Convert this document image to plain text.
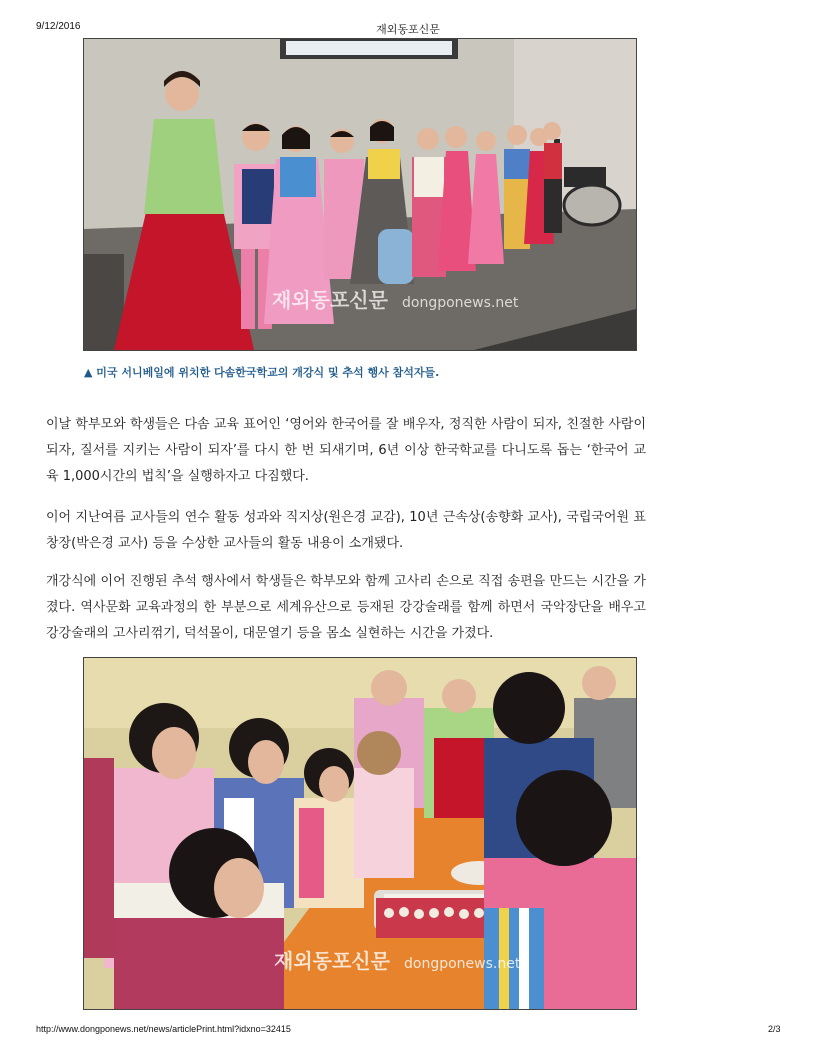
9/12/2016	재외동포신문
재외동포신문 dongponews.net
▲ 미국 서니베일에 위치한 다솜한국학교의 개강식 및 추석 행사 참석자들.

이날 학부모와 학생들은 다솜 교육 표어인 ‘영어와 한국어를 잘 배우자, 정직한 사람이 되자, 친절한 사람이 되자, 질서를 지키는 사람이 되자’를 다시 한 번 되새기며, 6년 이상 한국학교를 다니도록 돕는 ‘한국어 교육 1,000시간의 법칙’을 실행하자고 다짐했다.

이어 지난여름 교사들의 연수 활동 성과와 직지상(원은경 교감), 10년 근속상(송향화 교사), 국립국어원 표창장(박은경 교사) 등을 수상한 교사들의 활동 내용이 소개됐다.

개강식에 이어 진행된 추석 행사에서 학생들은 학부모와 함께 고사리 손으로 직접 송편을 만드는 시간을 가졌다. 역사문화 교육과정의 한 부분으로 세계유산으로 등재된 강강술래를 함께 하면서 국악장단을 배우고 강강술래의 고사리꺾기, 덕석몰이, 대문열기 등을 몸소 실현하는 시간을 가졌다.

재외동포신문 dongponews.net
http://www.dongponews.net/news/articlePrint.html?idxno=32415	2/3
